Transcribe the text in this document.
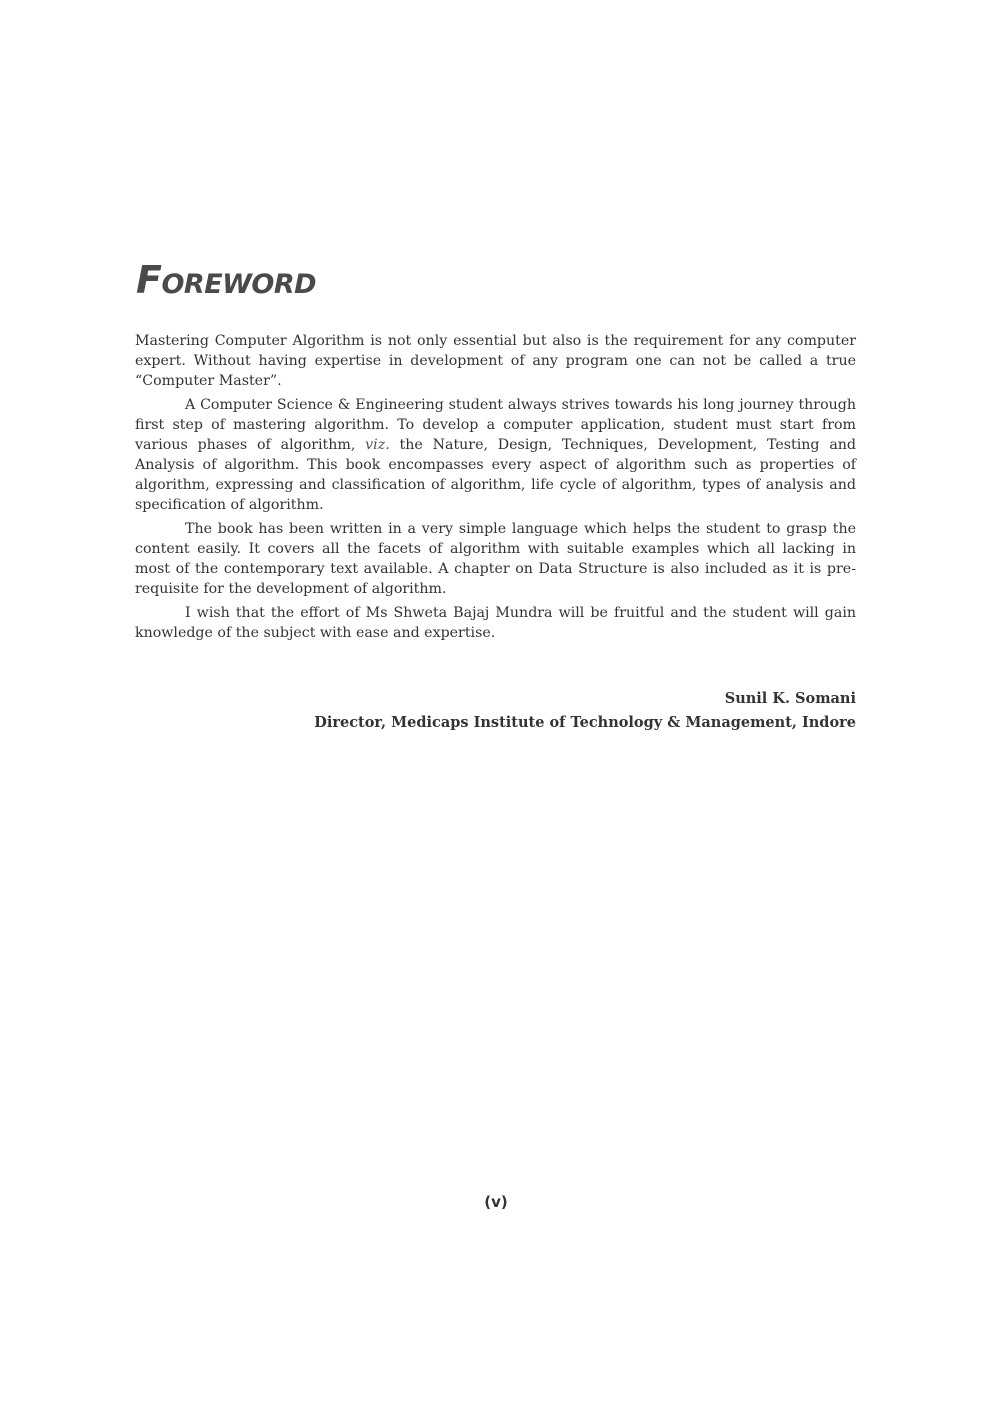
Foreword
Mastering Computer Algorithm is not only essential but also is the requirement for any computer
expert. Without having expertise in development of any program one can not be called a true
“Computer Master”.
A Computer Science & Engineering student always strives towards his long journey through
first step of mastering algorithm. To develop a computer application, student must start from
various phases of algorithm, viz. the Nature, Design, Techniques, Development, Testing and
Analysis of algorithm. This book encompasses every aspect of algorithm such as properties of
algorithm, expressing and classification of algorithm, life cycle of algorithm, types of analysis and
specification of algorithm.
The book has been written in a very simple language which helps the student to grasp the
content easily. It covers all the facets of algorithm with suitable examples which all lacking in
most of the contemporary text available. A chapter on Data Structure is also included as it is pre-
requisite for the development of algorithm.
I wish that the effort of Ms Shweta Bajaj Mundra will be fruitful and the student will gain
knowledge of the subject with ease and expertise.
Sunil K. Somani
Director, Medicaps Institute of Technology & Management, Indore
(v)
